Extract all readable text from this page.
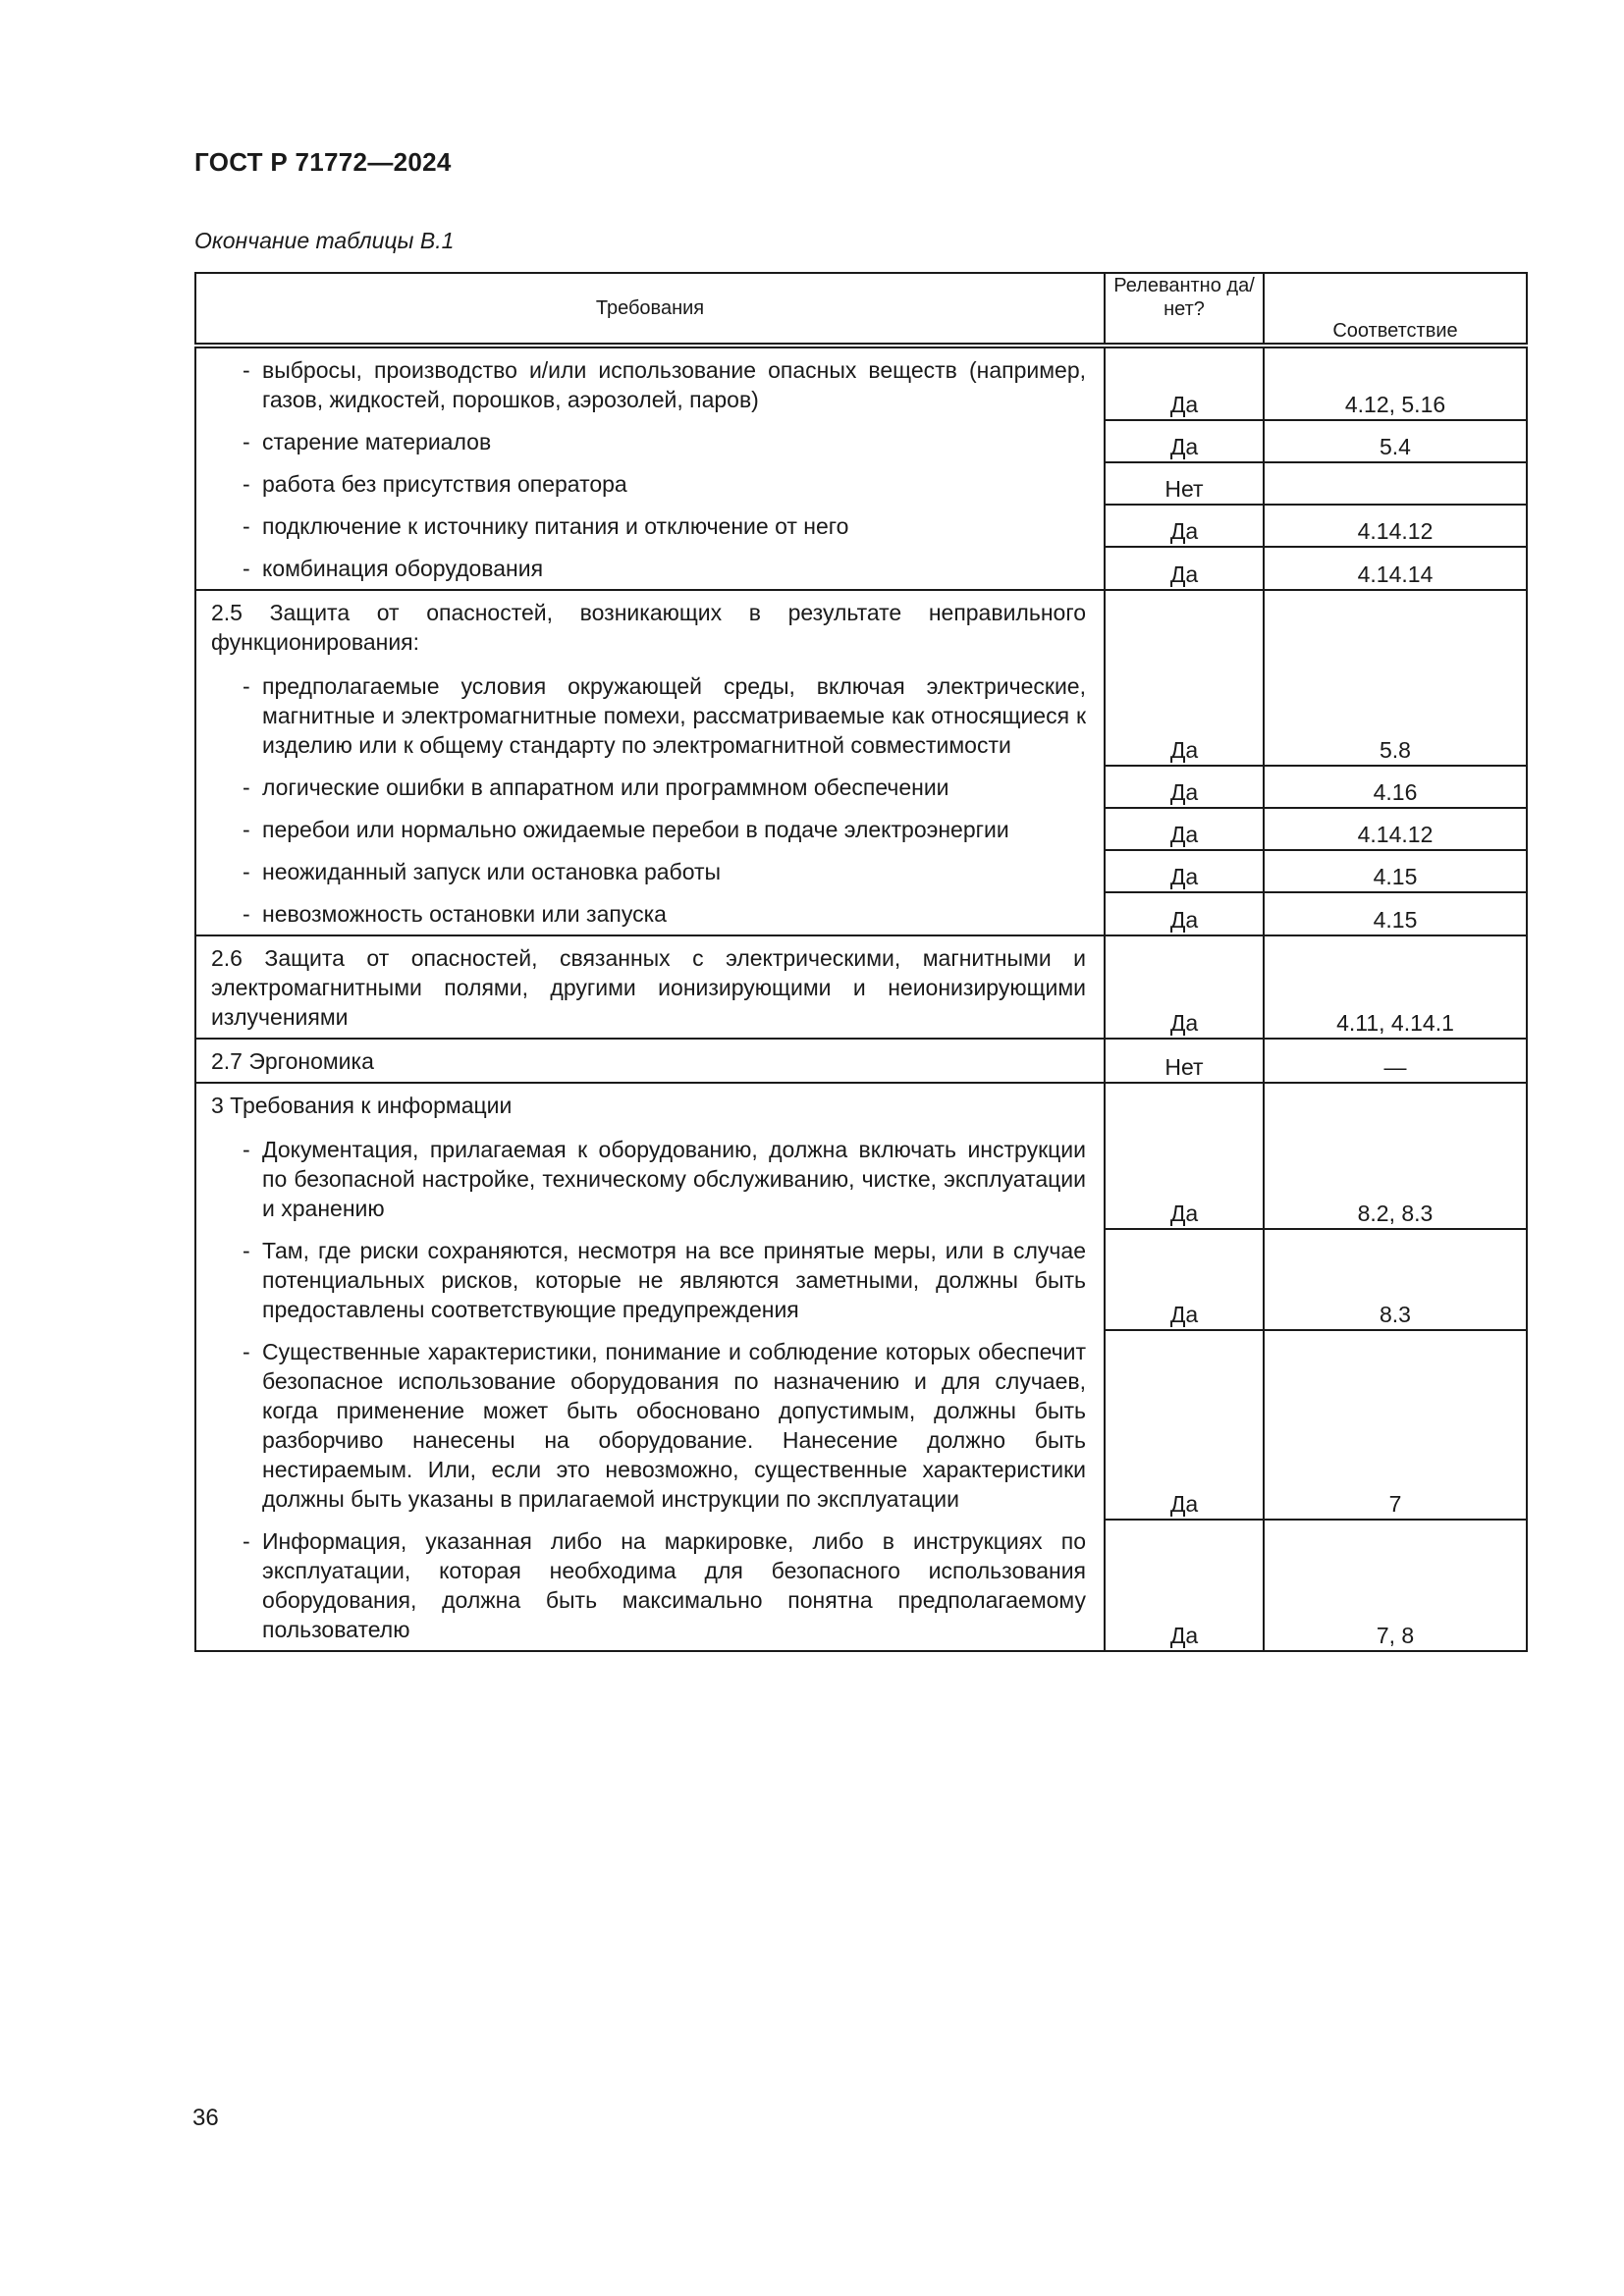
ГОСТ Р 71772—2024
Окончание таблицы В.1
Требования	Релевантно да/нет?	Соответствие

- выбросы, производство и/или использование опасных веществ (например, газов, жидкостей, порошков, аэрозолей, паров)	Да	4.12, 5.16

- старение материалов	Да	5.4

- работа без присутствия оператора	Нет	

- подключение к источнику питания и отключение от него	Да	4.14.12

- комбинация оборудования	Да	4.14.14

2.5 Защита от опасностей, возникающих в результате неправильного функционирования:
- предполагаемые условия окружающей среды, включая электрические, магнитные и электромагнитные помехи, рассматриваемые как относящиеся к изделию или к общему стандарту по электромагнитной совместимости	Да	5.8

- логические ошибки в аппаратном или программном обеспечении	Да	4.16

- перебои или нормально ожидаемые перебои в подаче электроэнергии	Да	4.14.12

- неожиданный запуск или остановка работы	Да	4.15

- невозможность остановки или запуска	Да	4.15

2.6 Защита от опасностей, связанных с электрическими, магнитными и электромагнитными полями, другими ионизирующими и неионизирующими излучениями	Да	4.11, 4.14.1

2.7 Эргономика	Нет	—

3 Требования к информации
- Документация, прилагаемая к оборудованию, должна включать инструкции по безопасной настройке, техническому обслуживанию, чистке, эксплуатации и хранению	Да	8.2, 8.3

- Там, где риски сохраняются, несмотря на все принятые меры, или в случае потенциальных рисков, которые не являются заметными, должны быть предоставлены соответствующие предупреждения	Да	8.3

- Существенные характеристики, понимание и соблюдение которых обеспечит безопасное использование оборудования по назначению и для случаев, когда применение может быть обосновано допустимым, должны быть разборчиво нанесены на оборудование. Нанесение должно быть нестираемым. Или, если это невозможно, существенные характеристики должны быть указаны в прилагаемой инструкции по эксплуатации	Да	7

- Информация, указанная либо на маркировке, либо в инструкциях по эксплуатации, которая необходима для безопасного использования оборудования, должна быть максимально понятна предполагаемому пользователю	Да	7, 8
36
